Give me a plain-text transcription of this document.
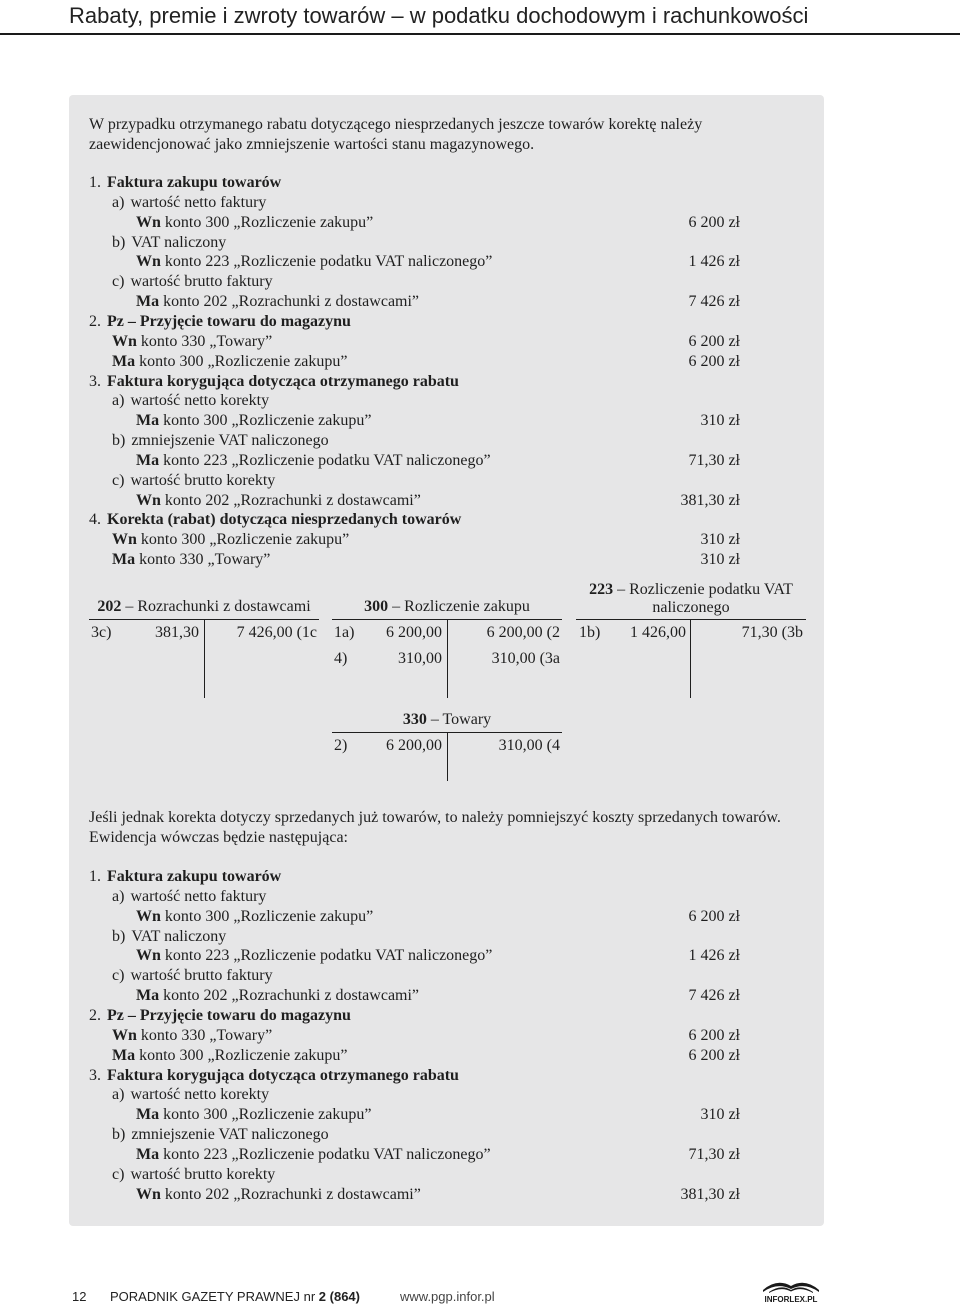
Rabaty, premie i zwroty towarów – w podatku dochodowym i rachunkowości

W przypadku otrzymanego rabatu dotyczącego niesprzedanych jeszcze towarów korektę należy zaewidencjonować jako zmniejszenie wartości stanu magazynowego.

1. Faktura zakupu towarów
a) wartość netto faktury
Wn konto 300 „Rozliczenie zakupu”	6 200 zł
b) VAT naliczony
Wn konto 223 „Rozliczenie podatku VAT naliczonego”	1 426 zł
c) wartość brutto faktury
Ma konto 202 „Rozrachunki z dostawcami”	7 426 zł
2. Pz – Przyjęcie towaru do magazynu
Wn konto 330 „Towary”	6 200 zł
Ma konto 300 „Rozliczenie zakupu”	6 200 zł
3. Faktura korygująca dotycząca otrzymanego rabatu
a) wartość netto korekty
Ma konto 300 „Rozliczenie zakupu”	310 zł
b) zmniejszenie VAT naliczonego
Ma konto 223 „Rozliczenie podatku VAT naliczonego”	71,30 zł
c) wartość brutto korekty
Wn konto 202 „Rozrachunki z dostawcami”	381,30 zł
4. Korekta (rabat) dotycząca niesprzedanych towarów
Wn konto 300 „Rozliczenie zakupu”	310 zł
Ma konto 330 „Towary”	310 zł
202 – Rozrachunki z dostawcami
3c)	381,30	7 426,00 (1c
300 – Rozliczenie zakupu
1a)	6 200,00	6 200,00 (2
4)	310,00	310,00 (3a
223 – Rozliczenie podatku VAT
naliczonego
1b)	1 426,00	71,30 (3b
330 – Towary
2)	6 200,00	310,00 (4

Jeśli jednak korekta dotyczy sprzedanych już towarów, to należy pomniejszyć koszty sprzedanych towarów. Ewidencja wówczas będzie następująca:

1. Faktura zakupu towarów
a) wartość netto faktury
Wn konto 300 „Rozliczenie zakupu”	6 200 zł
b) VAT naliczony
Wn konto 223 „Rozliczenie podatku VAT naliczonego”	1 426 zł
c) wartość brutto faktury
Ma konto 202 „Rozrachunki z dostawcami”	7 426 zł
2. Pz – Przyjęcie towaru do magazynu
Wn konto 330 „Towary”	6 200 zł
Ma konto 300 „Rozliczenie zakupu”	6 200 zł
3. Faktura korygująca dotycząca otrzymanego rabatu
a) wartość netto korekty
Ma konto 300 „Rozliczenie zakupu”	310 zł
b) zmniejszenie VAT naliczonego
Ma konto 223 „Rozliczenie podatku VAT naliczonego”	71,30 zł
c) wartość brutto korekty
Wn konto 202 „Rozrachunki z dostawcami”	381,30 zł
12 PORADNIK GAZETY PRAWNEJ nr 2 (864)	www.pgp.infor.pl	INFORLEX.PL
